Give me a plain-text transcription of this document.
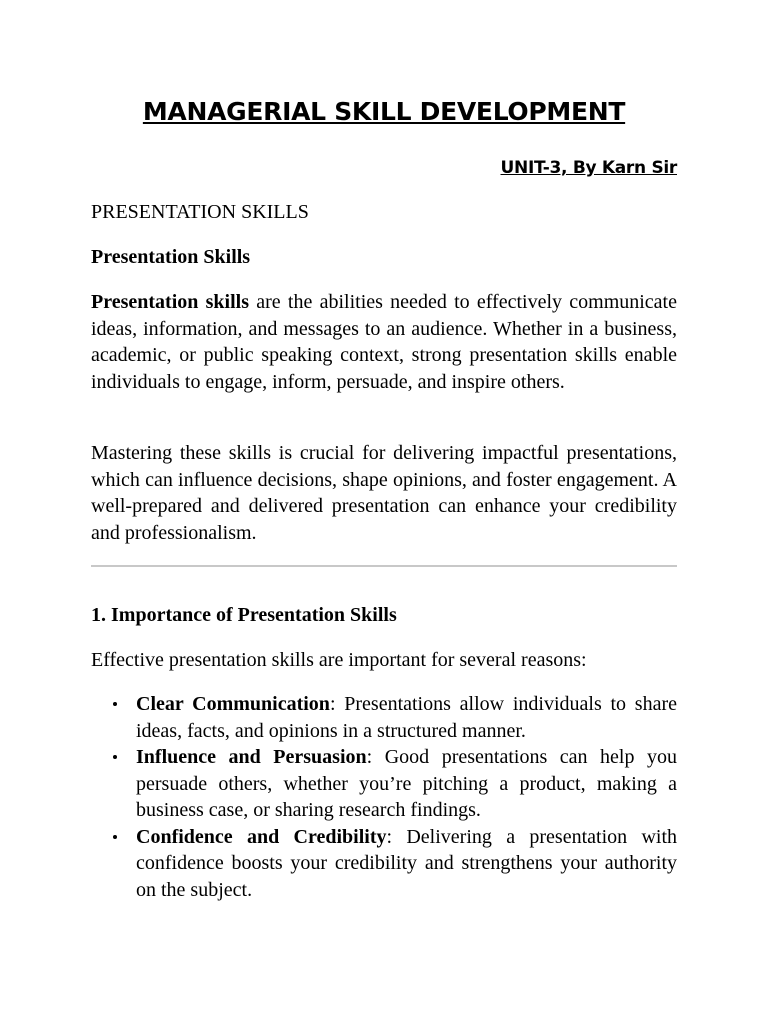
MANAGERIAL SKILL DEVELOPMENT
UNIT-3, By Karn Sir

PRESENTATION SKILLS

Presentation Skills

Presentation skills are the abilities needed to effectively communicate ideas, information, and messages to an audience. Whether in a business, academic, or public speaking context, strong presentation skills enable individuals to engage, inform, persuade, and inspire others.

Mastering these skills is crucial for delivering impactful presentations, which can influence decisions, shape opinions, and foster engagement. A well-prepared and delivered presentation can enhance your credibility and professionalism.

1. Importance of Presentation Skills

Effective presentation skills are important for several reasons:

Clear Communication: Presentations allow individuals to share ideas, facts, and opinions in a structured manner.
Influence and Persuasion: Good presentations can help you persuade others, whether you’re pitching a product, making a business case, or sharing research findings.
Confidence and Credibility: Delivering a presentation with confidence boosts your credibility and strengthens your authority on the subject.
